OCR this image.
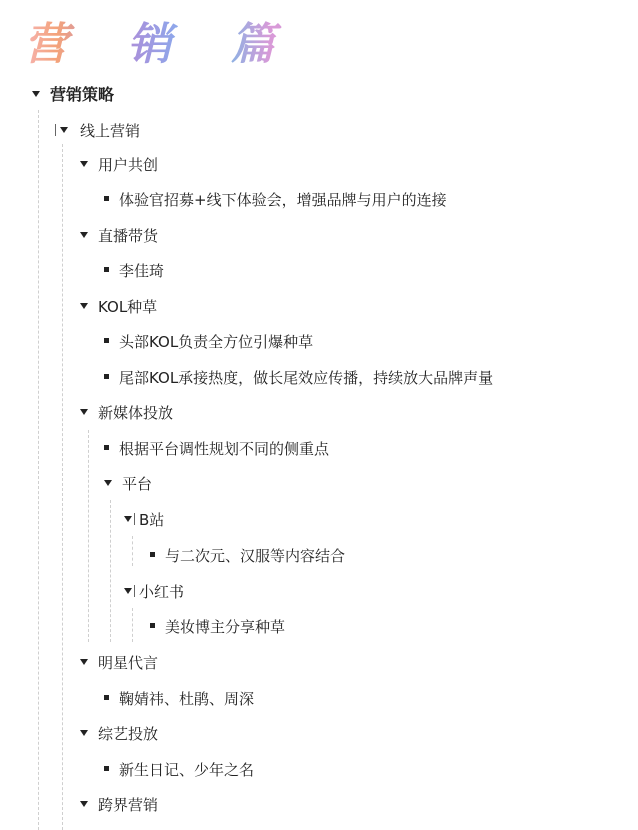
营 销 篇
营销策略
线上营销
用户共创
体验官招募+线下体验会，增强品牌与用户的连接
直播带货
李佳琦
KOL种草
头部KOL负责全方位引爆种草
尾部KOL承接热度，做长尾效应传播，持续放大品牌声量
新媒体投放
根据平台调性规划不同的侧重点
平台
B站
与二次元、汉服等内容结合
小红书
美妆博主分享种草
明星代言
鞠婧祎、杜鹃、周深
综艺投放
新生日记、少年之名
跨界营销
